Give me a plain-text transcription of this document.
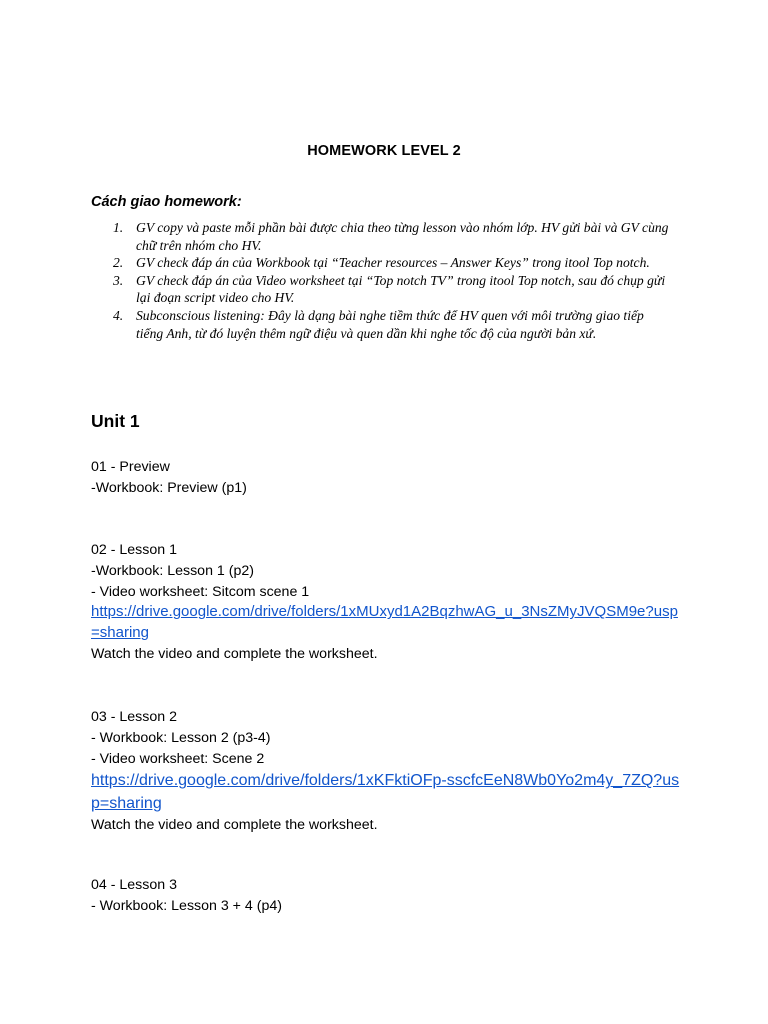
HOMEWORK LEVEL 2
Cách giao homework:
1. GV copy và paste mỗi phần bài được chia theo từng lesson vào nhóm lớp. HV gửi bài và GV cùng chữ trên nhóm cho HV.
2. GV check đáp án của Workbook tại “Teacher resources – Answer Keys” trong itool Top notch.
3. GV check đáp án của Video worksheet tại “Top notch TV” trong itool Top notch, sau đó chụp gửi lại đoạn script video cho HV.
4. Subconscious listening: Đây là dạng bài nghe tiềm thức để HV quen với môi trường giao tiếp tiếng Anh, từ đó luyện thêm ngữ điệu và quen dần khi nghe tốc độ của người bản xứ.
Unit 1
01 - Preview
-Workbook: Preview (p1)
02 - Lesson 1
-Workbook: Lesson 1 (p2)
- Video worksheet: Sitcom scene 1
https://drive.google.com/drive/folders/1xMUxyd1A2BqzhwAG_u_3NsZMyJVQSM9e?usp=sharing
Watch the video and complete the worksheet.
03 - Lesson 2
- Workbook: Lesson 2 (p3-4)
- Video worksheet: Scene 2
https://drive.google.com/drive/folders/1xKFktiOFp-sscfcEeN8Wb0Yo2m4y_7ZQ?usp=sharing
Watch the video and complete the worksheet.
04 - Lesson 3
- Workbook: Lesson 3 + 4 (p4)
